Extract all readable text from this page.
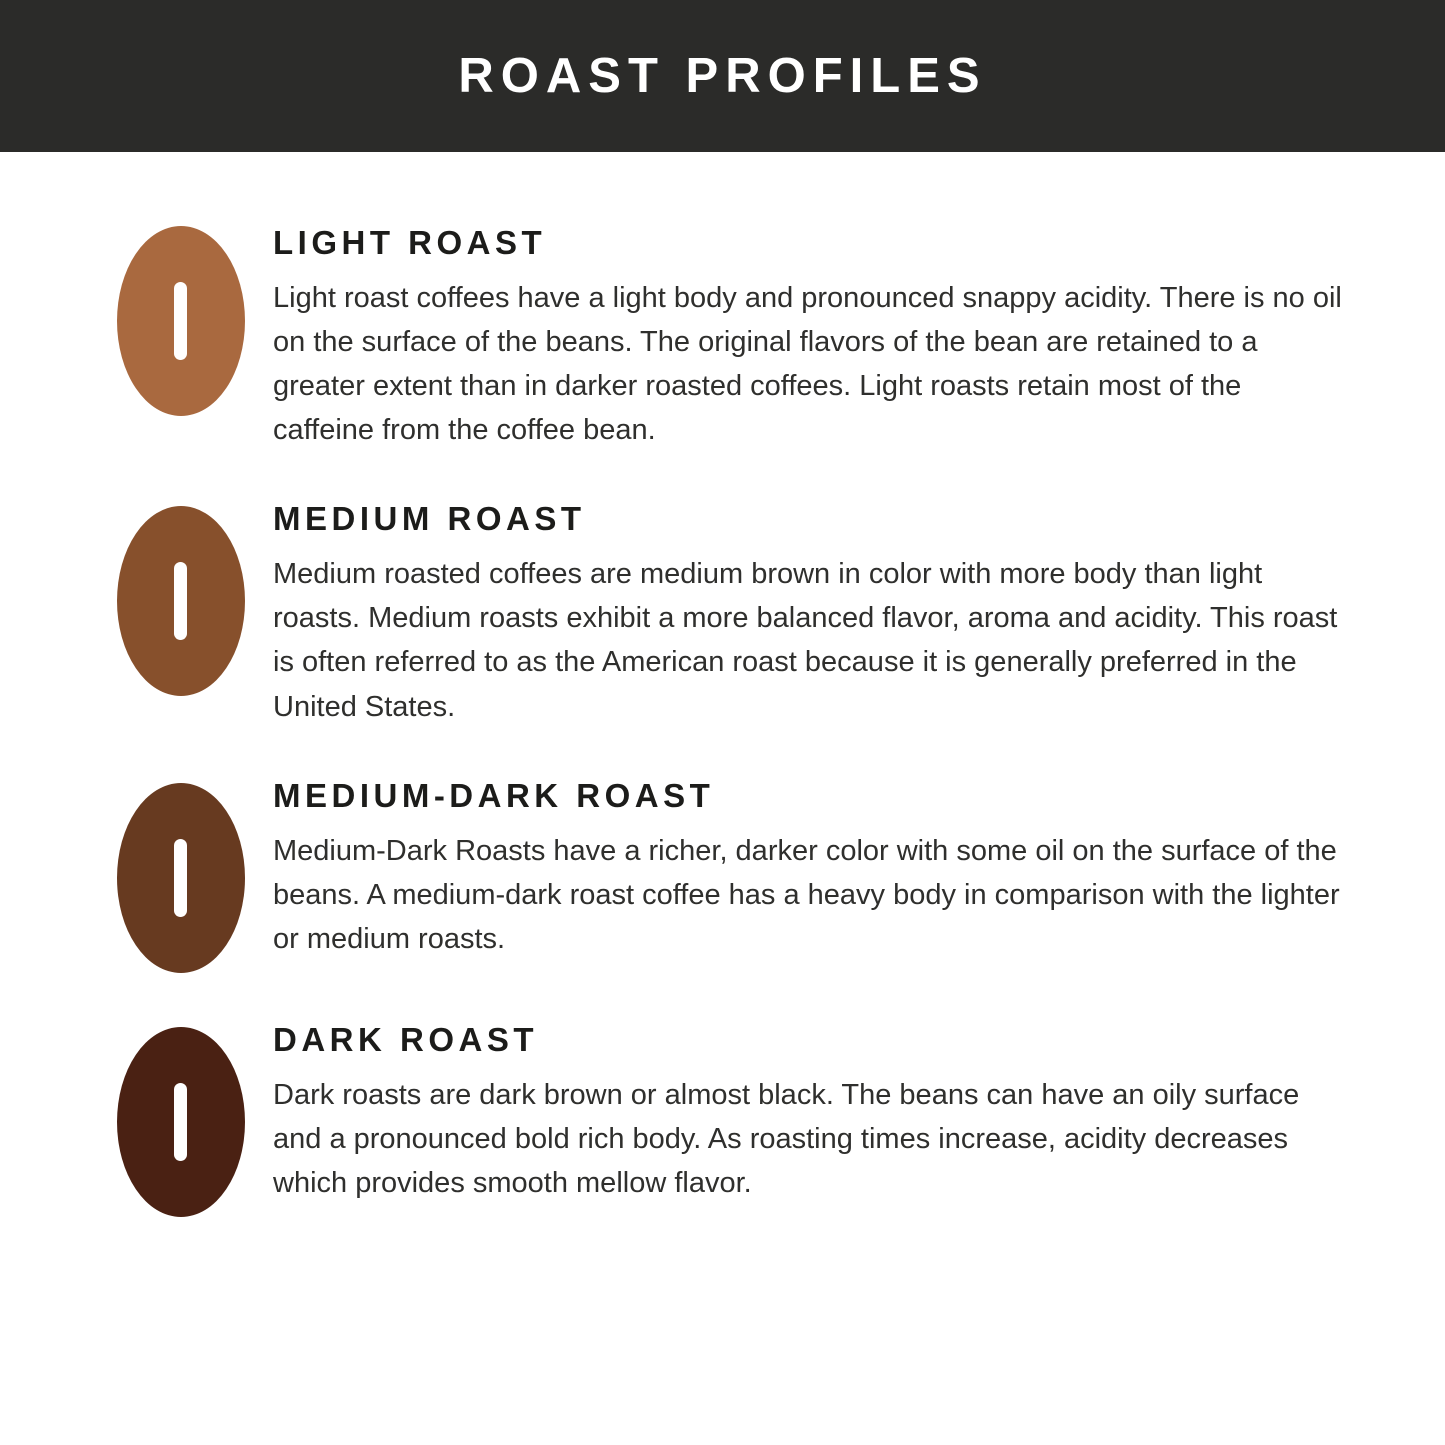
ROAST PROFILES
LIGHT ROAST

Light roast coffees have a light body and pronounced snappy acidity. There is no oil on the surface of the beans. The original flavors of the bean are retained to a greater extent than in darker roasted coffees. Light roasts retain most of the caffeine from the coffee bean.

MEDIUM ROAST

Medium roasted coffees are medium brown in color with more body than light roasts. Medium roasts exhibit a more balanced flavor, aroma and acidity. This roast is often referred to as the American roast because it is generally preferred in the United States.

MEDIUM-DARK ROAST

Medium-Dark Roasts have a richer, darker color with some oil on the surface of the beans. A medium-dark roast coffee has a heavy body in comparison with the lighter or medium roasts.

DARK ROAST

Dark roasts are dark brown or almost black. The beans can have an oily surface and a pronounced bold rich body. As roasting times increase, acidity decreases which provides smooth mellow flavor.
